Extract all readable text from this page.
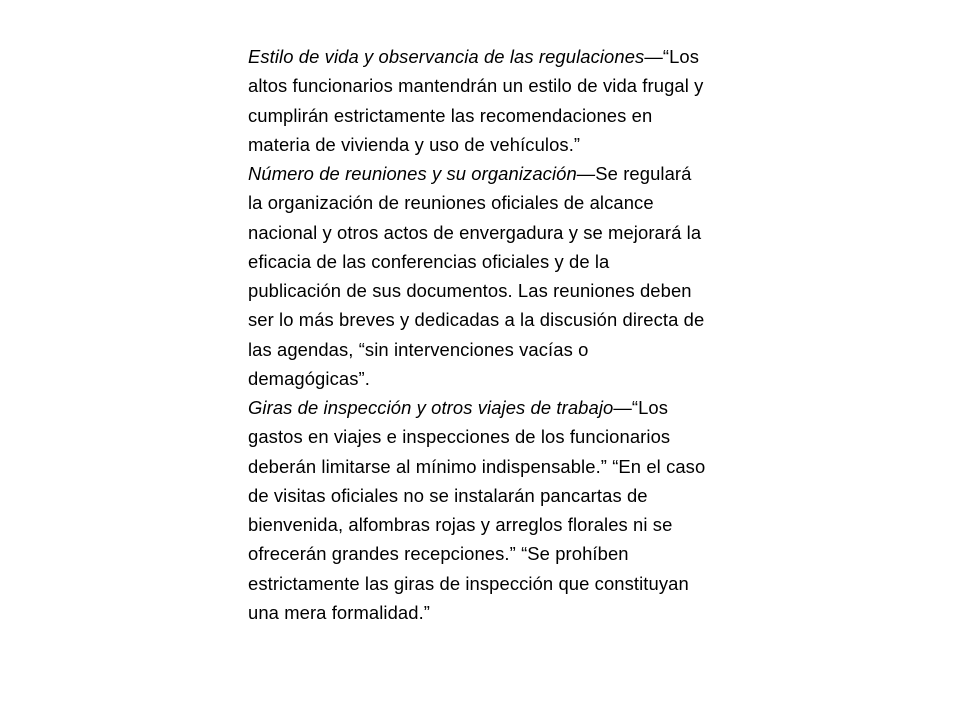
Estilo de vida y observancia de las regulaciones—“Los altos funcionarios mantendrán un estilo de vida frugal y cumplirán estrictamente las recomendaciones en materia de vivienda y uso de vehículos.”

Número de reuniones y su organización—Se regulará la organización de reuniones oficiales de alcance nacional y otros actos de envergadura y se mejorará la eficacia de las conferencias oficiales y de la publicación de sus documentos. Las reuniones deben ser lo más breves y dedicadas a la discusión directa de las agendas, “sin intervenciones vacías o demagógicas”.

Giras de inspección y otros viajes de trabajo—“Los gastos en viajes e inspecciones de los funcionarios deberán limitarse al mínimo indispensable.” “En el caso de visitas oficiales no se instalarán pancartas de bienvenida, alfombras rojas y arreglos florales ni se ofrecerán grandes recepciones.” “Se prohíben estrictamente las giras de inspección que constituyan una mera formalidad.”
